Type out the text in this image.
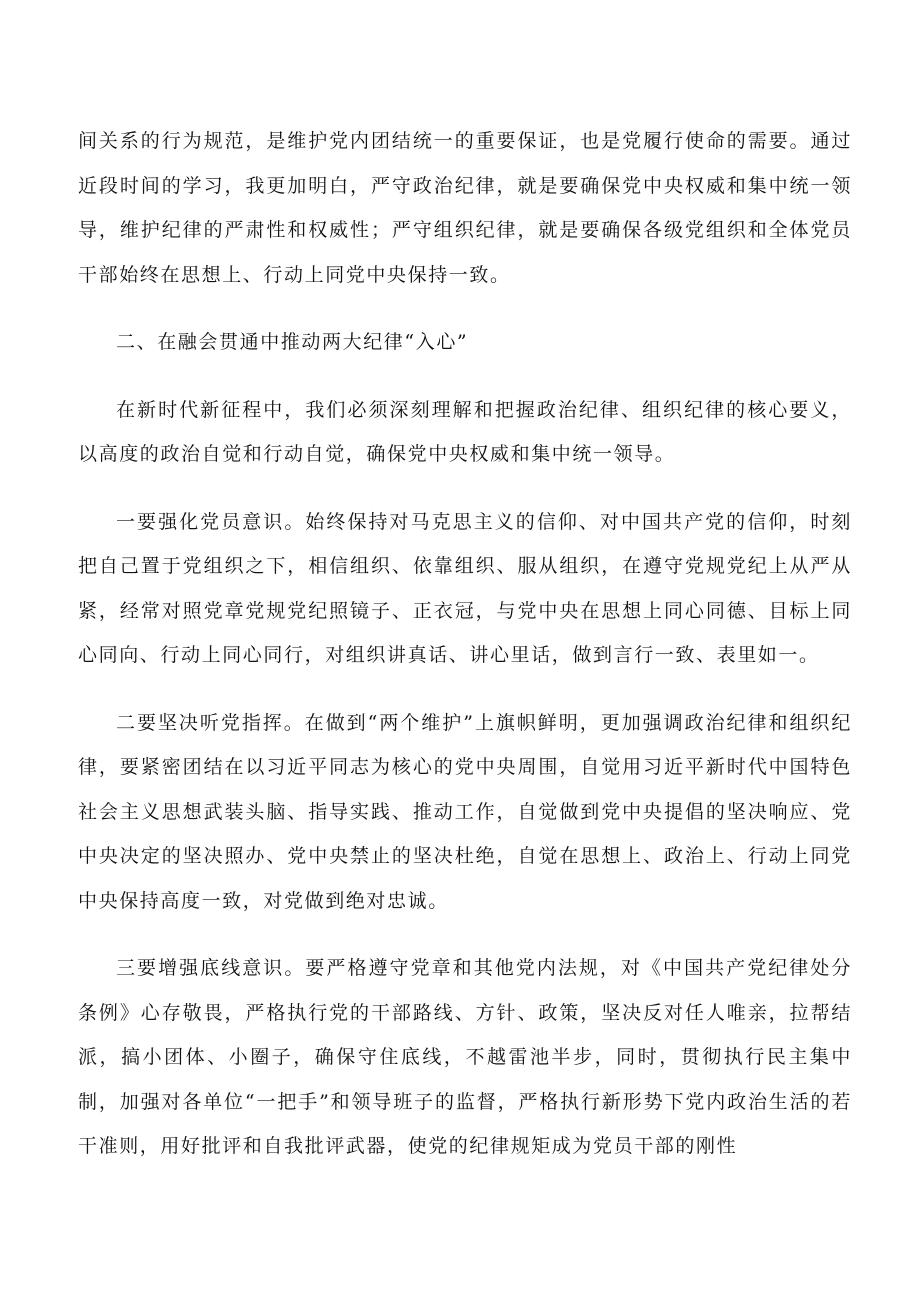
间关系的行为规范，是维护党内团结统一的重要保证，也是党履行使命的需要。通过近段时间的学习，我更加明白，严守政治纪律，就是要确保党中央权威和集中统一领导，维护纪律的严肃性和权威性；严守组织纪律，就是要确保各级党组织和全体党员干部始终在思想上、行动上同党中央保持一致。

二、在融会贯通中推动两大纪律“入心”

在新时代新征程中，我们必须深刻理解和把握政治纪律、组织纪律的核心要义，以高度的政治自觉和行动自觉，确保党中央权威和集中统一领导。

一要强化党员意识。始终保持对马克思主义的信仰、对中国共产党的信仰，时刻把自己置于党组织之下，相信组织、依靠组织、服从组织，在遵守党规党纪上从严从紧，经常对照党章党规党纪照镜子、正衣冠，与党中央在思想上同心同德、目标上同心同向、行动上同心同行，对组织讲真话、讲心里话，做到言行一致、表里如一。

二要坚决听党指挥。在做到“两个维护”上旗帜鲜明，更加强调政治纪律和组织纪律，要紧密团结在以习近平同志为核心的党中央周围，自觉用习近平新时代中国特色社会主义思想武装头脑、指导实践、推动工作，自觉做到党中央提倡的坚决响应、党中央决定的坚决照办、党中央禁止的坚决杜绝，自觉在思想上、政治上、行动上同党中央保持高度一致，对党做到绝对忠诚。

三要增强底线意识。要严格遵守党章和其他党内法规，对《中国共产党纪律处分条例》心存敬畏，严格执行党的干部路线、方针、政策，坚决反对任人唯亲，拉帮结派，搞小团体、小圈子，确保守住底线，不越雷池半步，同时，贯彻执行民主集中制，加强对各单位“一把手”和领导班子的监督，严格执行新形势下党内政治生活的若干准则，用好批评和自我批评武器，使党的纪律规矩成为党员干部的刚性
